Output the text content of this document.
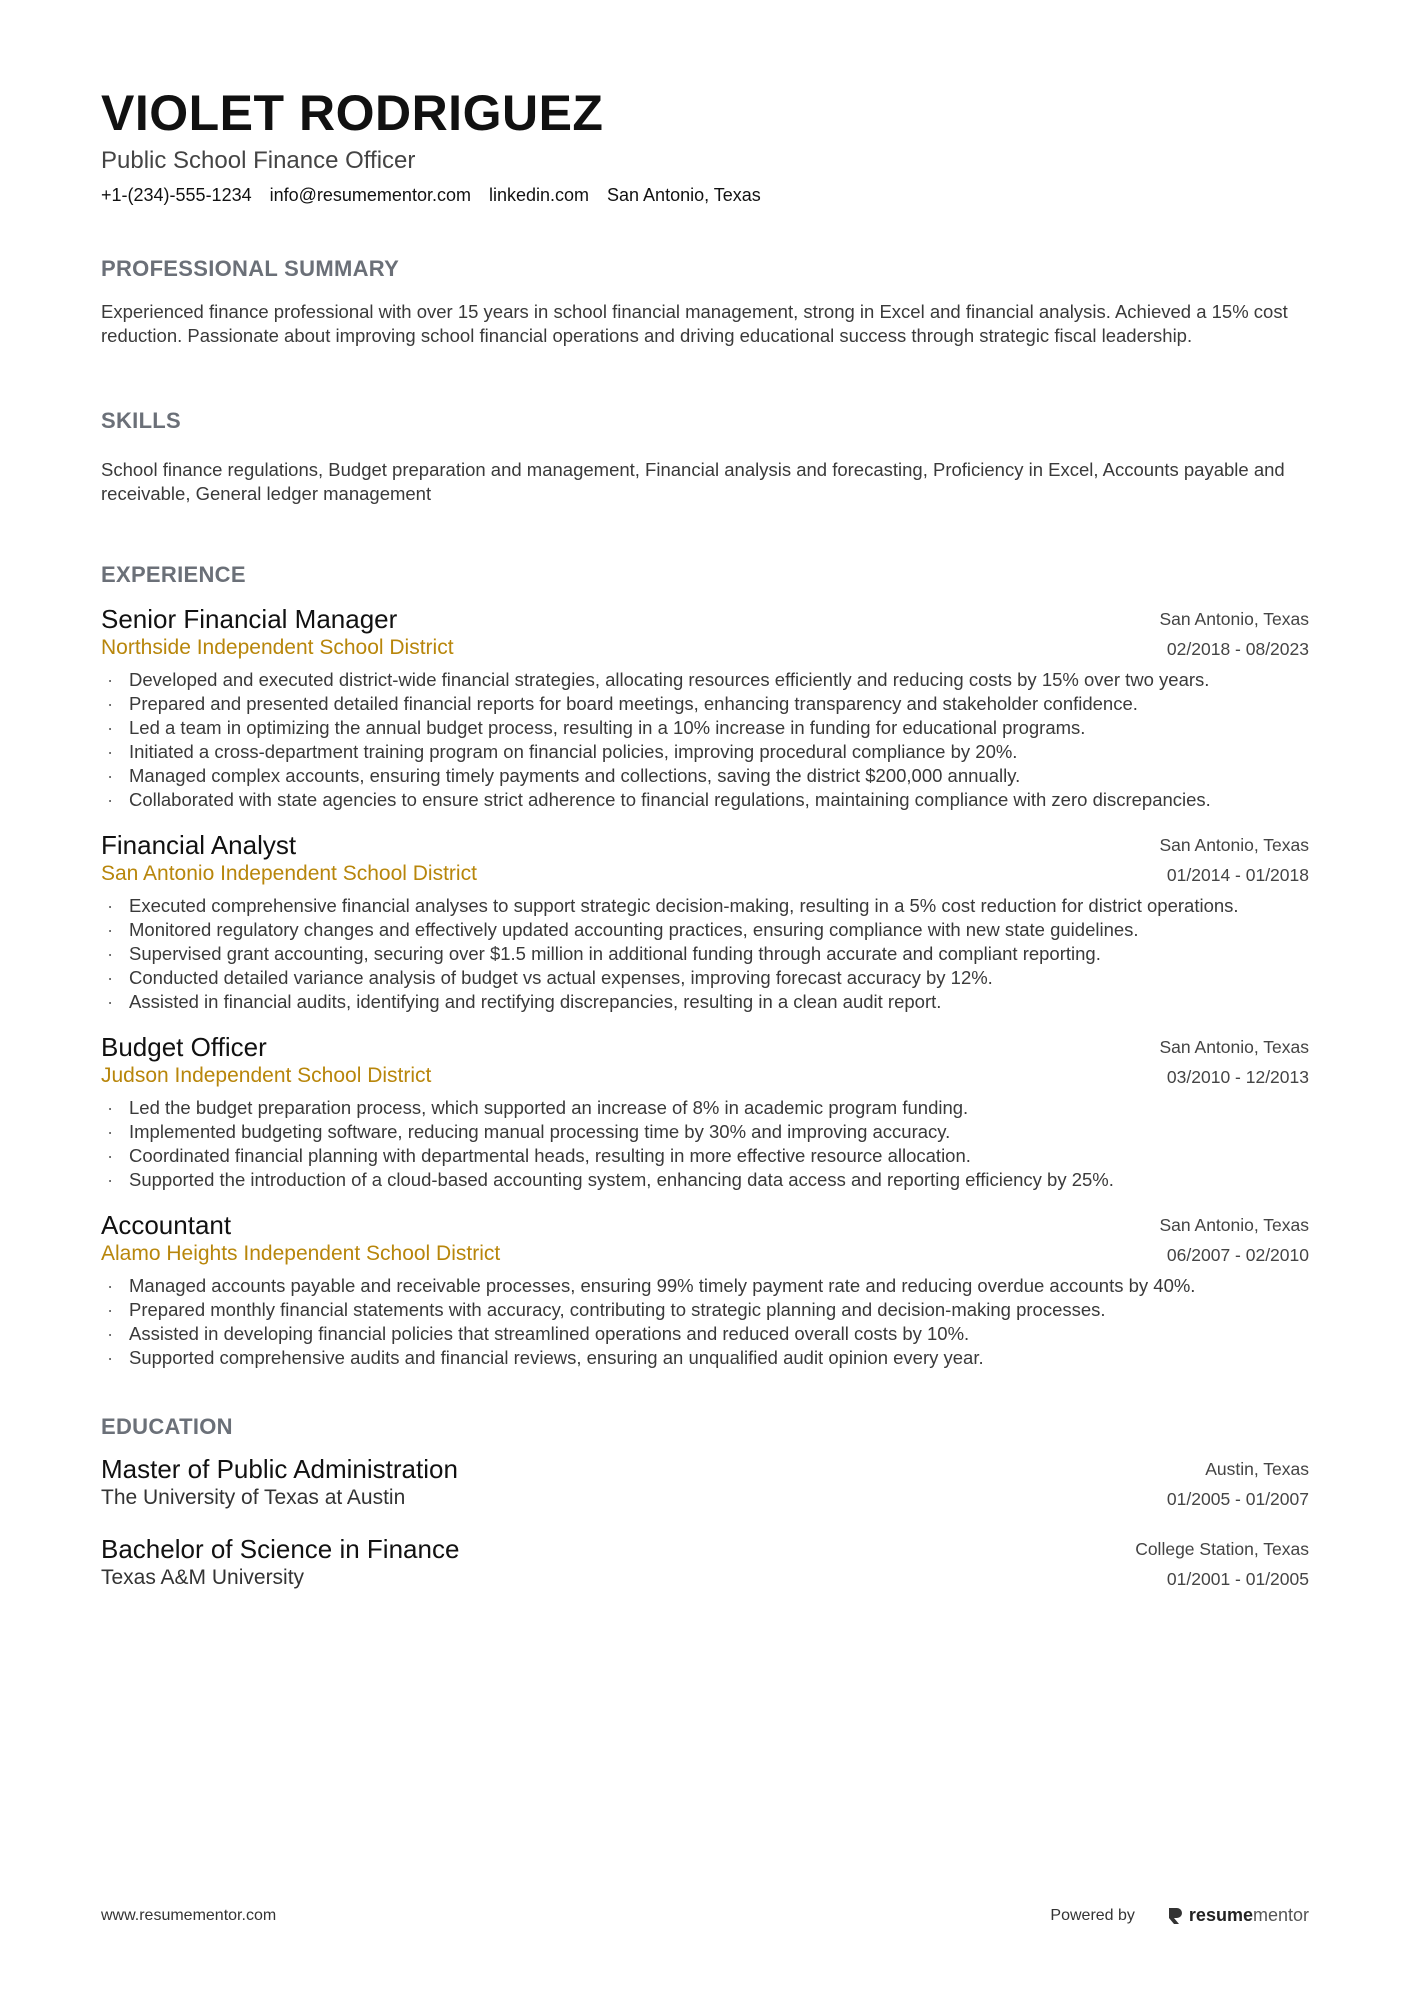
VIOLET RODRIGUEZ
Public School Finance Officer
+1-(234)-555-1234 info@resumementor.com linkedin.com San Antonio, Texas
PROFESSIONAL SUMMARY
Experienced finance professional with over 15 years in school financial management, strong in Excel and financial analysis. Achieved a 15% cost reduction. Passionate about improving school financial operations and driving educational success through strategic fiscal leadership.
SKILLS
School finance regulations, Budget preparation and management, Financial analysis and forecasting, Proficiency in Excel, Accounts payable and receivable, General ledger management
EXPERIENCE
Senior Financial Manager
Northside Independent School District
San Antonio, Texas
02/2018 - 08/2023
· Developed and executed district-wide financial strategies, allocating resources efficiently and reducing costs by 15% over two years.
· Prepared and presented detailed financial reports for board meetings, enhancing transparency and stakeholder confidence.
· Led a team in optimizing the annual budget process, resulting in a 10% increase in funding for educational programs.
· Initiated a cross-department training program on financial policies, improving procedural compliance by 20%.
· Managed complex accounts, ensuring timely payments and collections, saving the district $200,000 annually.
· Collaborated with state agencies to ensure strict adherence to financial regulations, maintaining compliance with zero discrepancies.
Financial Analyst
San Antonio Independent School District
San Antonio, Texas
01/2014 - 01/2018
· Executed comprehensive financial analyses to support strategic decision-making, resulting in a 5% cost reduction for district operations.
· Monitored regulatory changes and effectively updated accounting practices, ensuring compliance with new state guidelines.
· Supervised grant accounting, securing over $1.5 million in additional funding through accurate and compliant reporting.
· Conducted detailed variance analysis of budget vs actual expenses, improving forecast accuracy by 12%.
· Assisted in financial audits, identifying and rectifying discrepancies, resulting in a clean audit report.
Budget Officer
Judson Independent School District
San Antonio, Texas
03/2010 - 12/2013
· Led the budget preparation process, which supported an increase of 8% in academic program funding.
· Implemented budgeting software, reducing manual processing time by 30% and improving accuracy.
· Coordinated financial planning with departmental heads, resulting in more effective resource allocation.
· Supported the introduction of a cloud-based accounting system, enhancing data access and reporting efficiency by 25%.
Accountant
Alamo Heights Independent School District
San Antonio, Texas
06/2007 - 02/2010
· Managed accounts payable and receivable processes, ensuring 99% timely payment rate and reducing overdue accounts by 40%.
· Prepared monthly financial statements with accuracy, contributing to strategic planning and decision-making processes.
· Assisted in developing financial policies that streamlined operations and reduced overall costs by 10%.
· Supported comprehensive audits and financial reviews, ensuring an unqualified audit opinion every year.
EDUCATION
Master of Public Administration
The University of Texas at Austin
Austin, Texas
01/2005 - 01/2007
Bachelor of Science in Finance
Texas A&M University
College Station, Texas
01/2001 - 01/2005
www.resumementor.com	Powered by	resumementor
